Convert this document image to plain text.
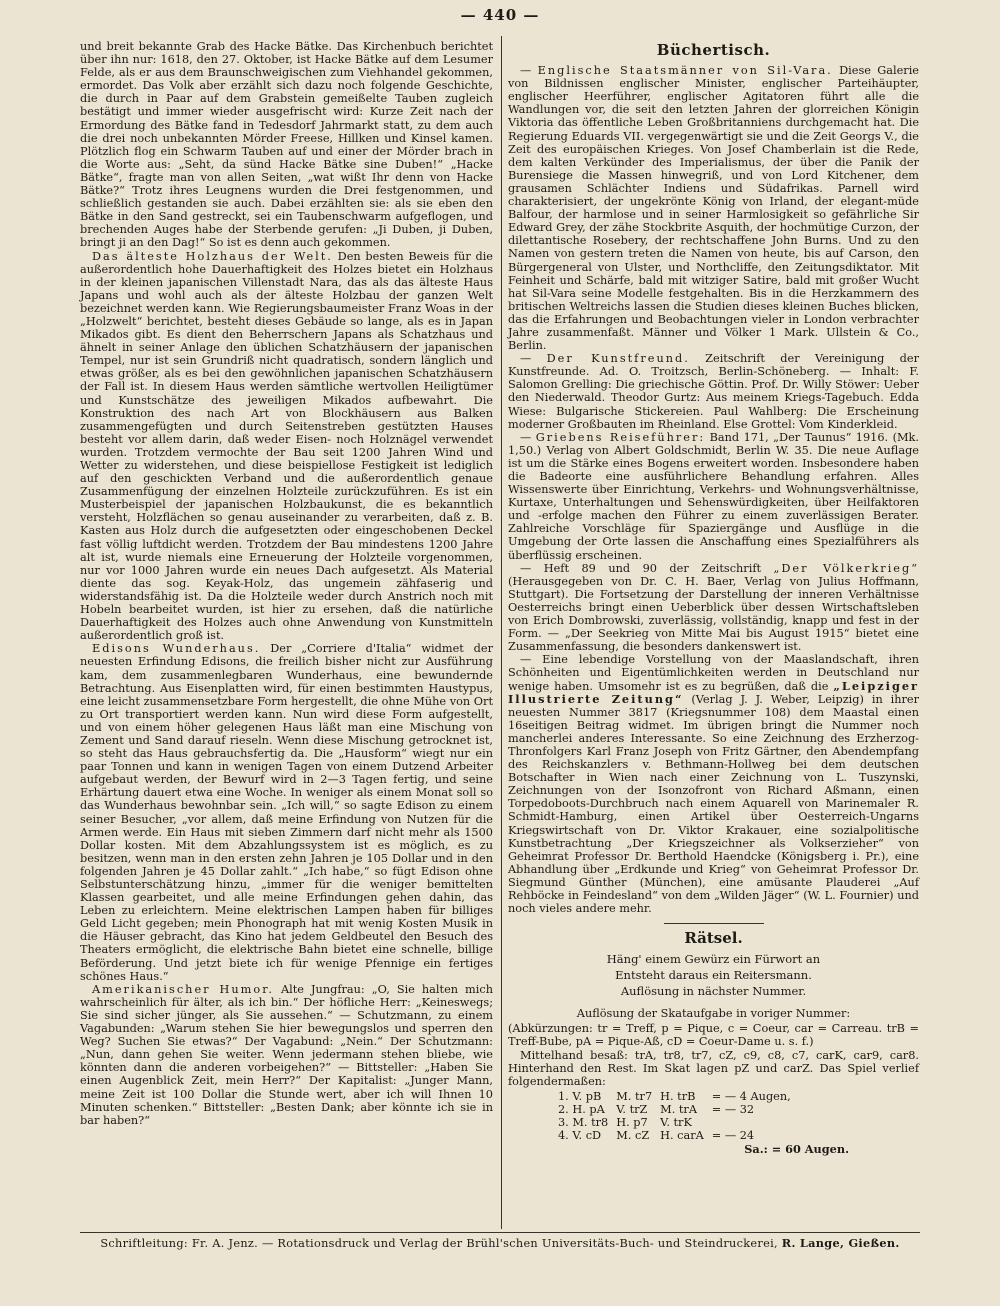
— 440 —

und breit bekannte Grab des Hacke Bätke. Das Kirchenbuch berichtet über ihn nur: 1618, den 27. Oktober, ist Hacke Bätke auf dem Lesumer Felde, als er aus dem Braunschweigischen zum Viehhandel gekommen, ermordet. Das Volk aber erzählt sich dazu noch folgende Geschichte, die durch in Paar auf dem Grabstein gemeißelte Tauben zugleich bestätigt und immer wieder ausgefrischt wird: Kurze Zeit nach der Ermordung des Bätke fand in Tedesdorf Jahrmarkt statt, zu dem auch die drei noch unbekannten Mörder Freese, Hillken und Kinsel kamen. Plötzlich flog ein Schwarm Tauben auf und einer der Mörder brach in die Worte aus: „Seht, da sünd Hacke Bätke sine Duben!“ „Hacke Bätke“, fragte man von allen Seiten, „wat wißt Ihr denn von Hacke Bätke?“ Trotz ihres Leugnens wurden die Drei festgenommen, und schließlich gestanden sie auch. Dabei erzählten sie: als sie eben den Bätke in den Sand gestreckt, sei ein Taubenschwarm aufgeflogen, und brechenden Auges habe der Sterbende gerufen: „Ji Duben, ji Duben, bringt ji an den Dag!“ So ist es denn auch gekommen.

Das älteste Holzhaus der Welt. Den besten Beweis für die außerordentlich hohe Dauerhaftigkeit des Holzes bietet ein Holzhaus in der kleinen japanischen Villenstadt Nara, das als das älteste Haus Japans und wohl auch als der älteste Holzbau der ganzen Welt bezeichnet werden kann. Wie Regierungsbaumeister Franz Woas in der „Holzwelt“ berichtet, besteht dieses Gebäude so lange, als es in Japan Mikados gibt. Es dient den Beherrschern Japans als Schatzhaus und ähnelt in seiner Anlage den üblichen Schatzhäusern der japanischen Tempel, nur ist sein Grundriß nicht quadratisch, sondern länglich und etwas größer, als es bei den gewöhnlichen japanischen Schatzhäusern der Fall ist. In diesem Haus werden sämtliche wertvollen Heiligtümer und Kunstschätze des jeweiligen Mikados aufbewahrt. Die Konstruktion des nach Art von Blockhäusern aus Balken zusammengefügten und durch Seitenstreben gestützten Hauses besteht vor allem darin, daß weder Eisen- noch Holznägel verwendet wurden. Trotzdem vermochte der Bau seit 1200 Jahren Wind und Wetter zu widerstehen, und diese beispiellose Festigkeit ist lediglich auf den geschickten Verband und die außerordentlich genaue Zusammenfügung der einzelnen Holzteile zurückzuführen. Es ist ein Musterbeispiel der japanischen Holzbaukunst, die es bekanntlich versteht, Holzflächen so genau auseinander zu verarbeiten, daß z. B. Kasten aus Holz durch die aufgesetzten oder eingeschobenen Deckel fast völlig luftdicht werden. Trotzdem der Bau mindestens 1200 Jahre alt ist, wurde niemals eine Erneuerung der Holzteile vorgenommen, nur vor 1000 Jahren wurde ein neues Dach aufgesetzt. Als Material diente das sog. Keyak-Holz, das ungemein zähfaserig und widerstandsfähig ist. Da die Holzteile weder durch Anstrich noch mit Hobeln bearbeitet wurden, ist hier zu ersehen, daß die natürliche Dauerhaftigkeit des Holzes auch ohne Anwendung von Kunstmitteln außerordentlich groß ist.

Edisons Wunderhaus. Der „Corriere d'Italia“ widmet der neuesten Erfindung Edisons, die freilich bisher nicht zur Ausführung kam, dem zusammenlegbaren Wunderhaus, eine bewundernde Betrachtung. Aus Eisenplatten wird, für einen bestimmten Haustypus, eine leicht zusammensetzbare Form hergestellt, die ohne Mühe von Ort zu Ort transportiert werden kann. Nun wird diese Form aufgestellt, und von einem höher gelegenen Haus läßt man eine Mischung von Zement und Sand darauf rieseln. Wenn diese Mischung getrocknet ist, so steht das Haus gebrauchsfertig da. Die „Hausform“ wiegt nur ein paar Tonnen und kann in wenigen Tagen von einem Dutzend Arbeiter aufgebaut werden, der Bewurf wird in 2—3 Tagen fertig, und seine Erhärtung dauert etwa eine Woche. In weniger als einem Monat soll so das Wunderhaus bewohnbar sein. „Ich will,“ so sagte Edison zu einem seiner Besucher, „vor allem, daß meine Erfindung von Nutzen für die Armen werde. Ein Haus mit sieben Zimmern darf nicht mehr als 1500 Dollar kosten. Mit dem Abzahlungssystem ist es möglich, es zu besitzen, wenn man in den ersten zehn Jahren je 105 Dollar und in den folgenden Jahren je 45 Dollar zahlt.“ „Ich habe,“ so fügt Edison ohne Selbstunterschätzung hinzu, „immer für die weniger bemittelten Klassen gearbeitet, und alle meine Erfindungen gehen dahin, das Leben zu erleichtern. Meine elektrischen Lampen haben für billiges Geld Licht gegeben; mein Phonograph hat mit wenig Kosten Musik in die Häuser gebracht, das Kino hat jedem Geldbeutel den Besuch des Theaters ermöglicht, die elektrische Bahn bietet eine schnelle, billige Beförderung. Und jetzt biete ich für wenige Pfennige ein fertiges schönes Haus.“

Amerikanischer Humor. Alte Jungfrau: „O, Sie halten mich wahrscheinlich für älter, als ich bin.“ Der höfliche Herr: „Keineswegs; Sie sind sicher jünger, als Sie aussehen.“ — Schutzmann, zu einem Vagabunden: „Warum stehen Sie hier bewegungslos und sperren den Weg? Suchen Sie etwas?“ Der Vagabund: „Nein.“ Der Schutzmann: „Nun, dann gehen Sie weiter. Wenn jedermann stehen bliebe, wie könnten dann die anderen vorbeigehen?“ — Bittsteller: „Haben Sie einen Augenblick Zeit, mein Herr?“ Der Kapitalist: „Junger Mann, meine Zeit ist 100 Dollar die Stunde wert, aber ich will Ihnen 10 Minuten schenken.“ Bittsteller: „Besten Dank; aber könnte ich sie in bar haben?“

Büchertisch.

— Englische Staatsmänner von Sil-Vara. Diese Galerie von Bildnissen englischer Minister, englischer Parteihäupter, englischer Heerführer, englischer Agitatoren führt alle die Wandlungen vor, die seit den letzten Jahren der glorreichen Königin Viktoria das öffentliche Leben Großbritanniens durchgemacht hat. Die Regierung Eduards VII. vergegenwärtigt sie und die Zeit Georgs V., die Zeit des europäischen Krieges. Von Josef Chamberlain ist die Rede, dem kalten Verkünder des Imperialismus, der über die Panik der Burensiege die Massen hinwegriß, und von Lord Kitchener, dem grausamen Schlächter Indiens und Südafrikas. Parnell wird charakterisiert, der ungekrönte König von Irland, der elegant-müde Balfour, der harmlose und in seiner Harmlosigkeit so gefährliche Sir Edward Grey, der zähe Stockbrite Asquith, der hochmütige Curzon, der dilettantische Rosebery, der rechtschaffene John Burns. Und zu den Namen von gestern treten die Namen von heute, bis auf Carson, den Bürgergeneral von Ulster, und Northcliffe, den Zeitungsdiktator. Mit Feinheit und Schärfe, bald mit witziger Satire, bald mit großer Wucht hat Sil-Vara seine Modelle festgehalten. Bis in die Herzkammern des britischen Weltreichs lassen die Studien dieses kleinen Buches blicken, das die Erfahrungen und Beobachtungen vieler in London verbrachter Jahre zusammenfaßt. Männer und Völker 1 Mark. Ullstein & Co., Berlin.

— Der Kunstfreund. Zeitschrift der Vereinigung der Kunstfreunde. Ad. O. Troitzsch, Berlin-Schöneberg. — Inhalt: F. Salomon Grelling: Die griechische Göttin. Prof. Dr. Willy Stöwer: Ueber den Niederwald. Theodor Gurtz: Aus meinem Kriegs-Tagebuch. Edda Wiese: Bulgarische Stickereien. Paul Wahlberg: Die Erscheinung moderner Großbauten im Rheinland. Else Grottel: Vom Kinderkleid.

— Griebens Reiseführer: Band 171, „Der Taunus“ 1916. (Mk. 1,50.) Verlag von Albert Goldschmidt, Berlin W. 35. Die neue Auflage ist um die Stärke eines Bogens erweitert worden. Insbesondere haben die Badeorte eine ausführlichere Behandlung erfahren. Alles Wissenswerte über Einrichtung, Verkehrs- und Wohnungsverhältnisse, Kurtaxe, Unterhaltungen und Sehenswürdigkeiten, über Heilfaktoren und -erfolge machen den Führer zu einem zuverlässigen Berater. Zahlreiche Vorschläge für Spaziergänge und Ausflüge in die Umgebung der Orte lassen die Anschaffung eines Spezialführers als überflüssig erscheinen.

— Heft 89 und 90 der Zeitschrift „Der Völkerkrieg“ (Herausgegeben von Dr. C. H. Baer, Verlag von Julius Hoffmann, Stuttgart). Die Fortsetzung der Darstellung der inneren Verhältnisse Oesterreichs bringt einen Ueberblick über dessen Wirtschaftsleben von Erich Dombrowski, zuverlässig, vollständig, knapp und fest in der Form. — „Der Seekrieg von Mitte Mai bis August 1915“ bietet eine Zusammenfassung, die besonders dankenswert ist.

— Eine lebendige Vorstellung von der Maaslandschaft, ihren Schönheiten und Eigentümlichkeiten werden in Deutschland nur wenige haben. Umsomehr ist es zu begrüßen, daß die „Leipziger Illustrierte Zeitung“ (Verlag J. J. Weber, Leipzig) in ihrer neuesten Nummer 3817 (Kriegsnummer 108) dem Maastal einen 16seitigen Beitrag widmet. Im übrigen bringt die Nummer noch mancherlei anderes Interessante. So eine Zeichnung des Erzherzog-Thronfolgers Karl Franz Joseph von Fritz Gärtner, den Abendempfang des Reichskanzlers v. Bethmann-Hollweg bei dem deutschen Botschafter in Wien nach einer Zeichnung von L. Tuszynski, Zeichnungen von der Isonzofront von Richard Aßmann, einen Torpedoboots-Durchbruch nach einem Aquarell von Marinemaler R. Schmidt-Hamburg, einen Artikel über Oesterreich-Ungarns Kriegswirtschaft von Dr. Viktor Krakauer, eine sozialpolitische Kunstbetrachtung „Der Kriegszeichner als Volkserzieher“ von Geheimrat Professor Dr. Berthold Haendcke (Königsberg i. Pr.), eine Abhandlung über „Erdkunde und Krieg“ von Geheimrat Professor Dr. Siegmund Günther (München), eine amüsante Plauderei „Auf Rehböcke in Feindesland“ von dem „Wilden Jäger“ (W. L. Fournier) und noch vieles andere mehr.

Rätsel.
Häng' einem Gewürz ein Fürwort an
Entsteht daraus ein Reitersmann.
Auflösung in nächster Nummer.
Auflösung der Skataufgabe in voriger Nummer:

(Abkürzungen: tr = Treff, p = Pique, c = Coeur, car = Carreau. trB = Treff-Bube, pA = Pique-Aß, cD = Coeur-Dame u. s. f.)

Mittelhand besaß: trA, tr8, tr7, cZ, c9, c8, c7, carK, car9, car8. Hinterhand den Rest. Im Skat lagen pZ und carZ. Das Spiel verlief folgendermaßen:

1. V. pB	M. tr7	H. trB	= — 4 Augen,
2. H. pA	V. trZ	M. trA	= — 32
3. M. tr8	H. p7	V. trK	
4. V. cD	M. cZ	H. carA	= — 24
Sa.: = 60 Augen.
Schriftleitung: Fr. A. Jenz. — Rotationsdruck und Verlag der Brühl'schen Universitäts-Buch- und Steindruckerei, R. Lange, Gießen.
